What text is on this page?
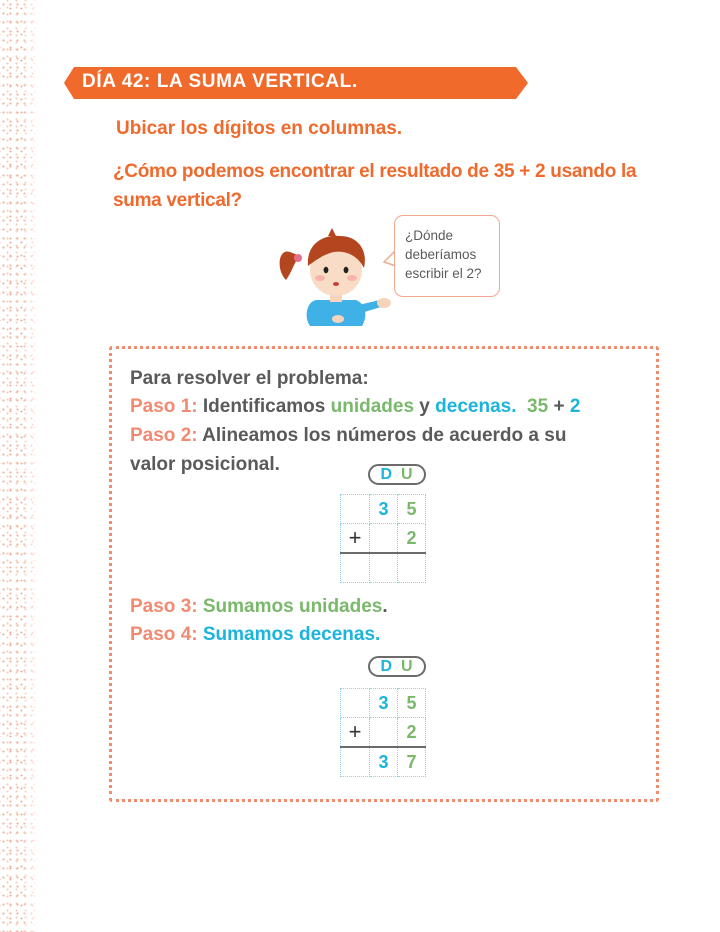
DÍA 42: LA SUMA VERTICAL.
Ubicar los dígitos en columnas.
¿Cómo podemos encontrar el resultado de 35 + 2 usando la suma vertical?
¿Dónde
deberíamos
escribir el 2?
Para resolver el problema:
Paso 1: Identificamos unidades y decenas. 35 + 2
Paso 2: Alineamos los números de acuerdo a su
valor posicional.	DU
	3	5
+		2

Paso 3: Sumamos unidades.
Paso 4: Sumamos decenas.
DU
	3	5
+		2
	3	7
